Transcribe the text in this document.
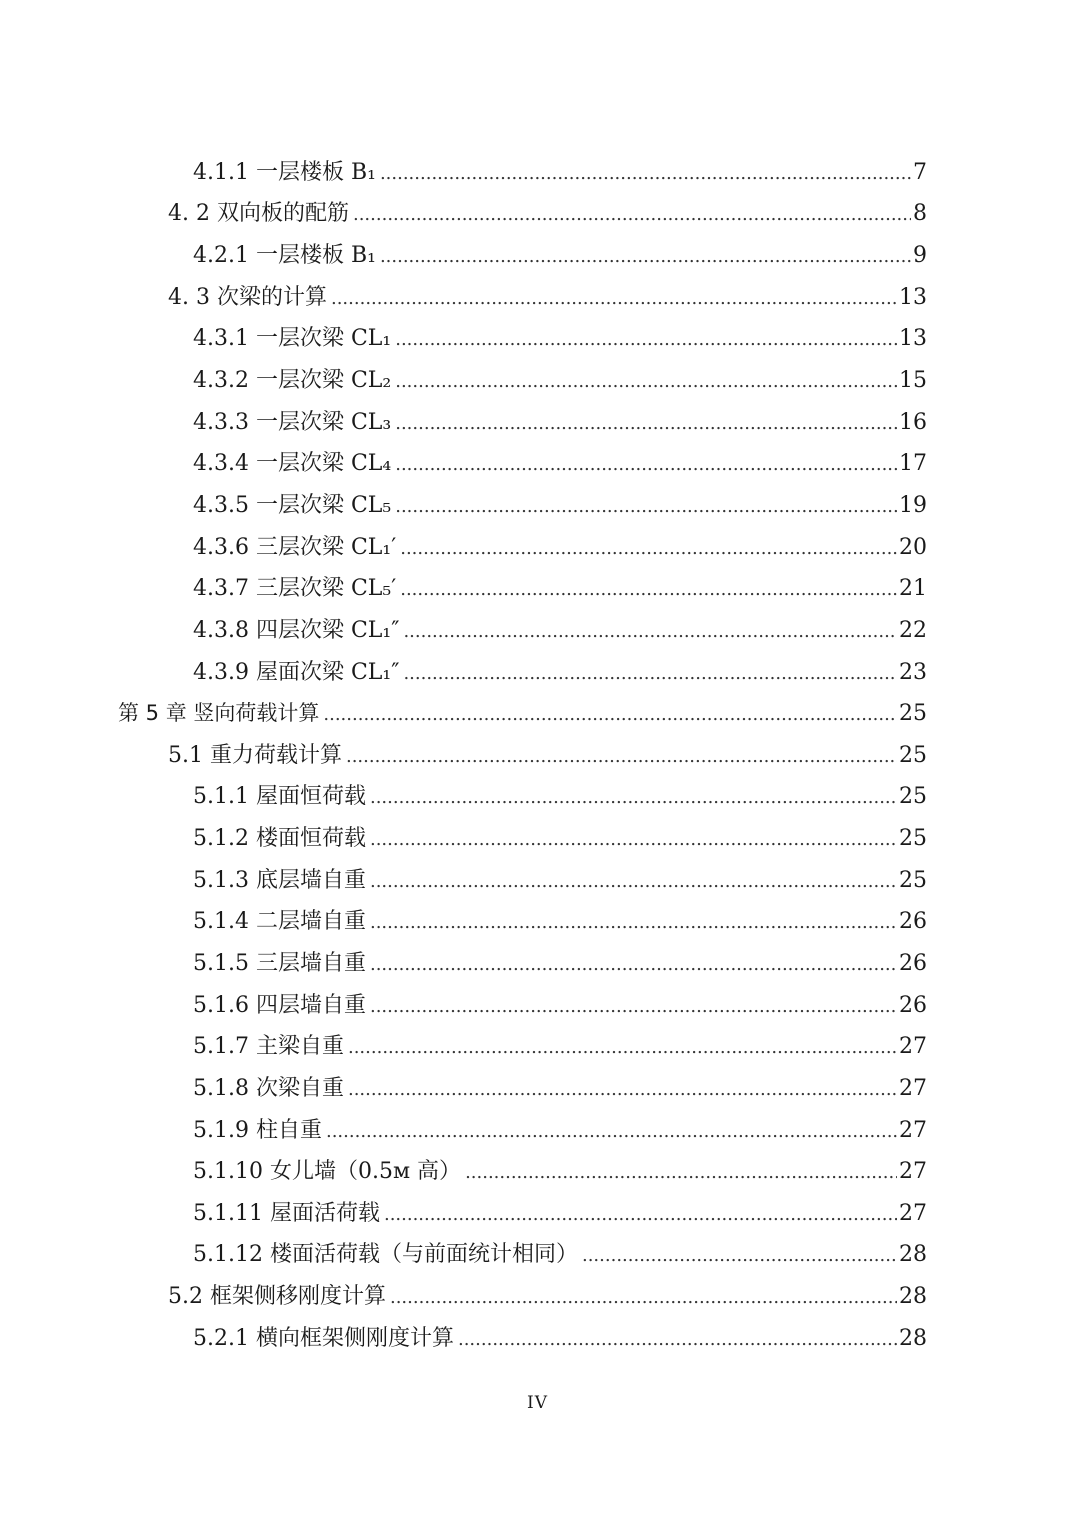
4.1.1 一层楼板 B₁ .....	7
4. 2 双向板的配筋 .....	8
4.2.1 一层楼板 B₁ .....	9
4. 3 次梁的计算 .....	13
4.3.1 一层次梁 CL₁ .....	13
4.3.2 一层次梁 CL₂ .....	15
4.3.3 一层次梁 CL₃ .....	16
4.3.4 一层次梁 CL₄ .....	17
4.3.5 一层次梁 CL₅ .....	19
4.3.6 三层次梁 CL₁′ .....	20
4.3.7 三层次梁 CL₅′ .....	21
4.3.8 四层次梁 CL₁″ .....	22
4.3.9 屋面次梁 CL₁″ .....	23
第 5 章 竖向荷载计算 .....	25
5.1 重力荷载计算 .....	25
5.1.1 屋面恒荷载 .....	25
5.1.2 楼面恒荷载 .....	25
5.1.3 底层墙自重 .....	25
5.1.4 二层墙自重 .....	26
5.1.5 三层墙自重 .....	26
5.1.6 四层墙自重 .....	26
5.1.7 主梁自重 .....	27
5.1.8 次梁自重 .....	27
5.1.9 柱自重 .....	27
5.1.10 女儿墙（0.5м 高） .....	27
5.1.11 屋面活荷载 .....	27
5.1.12 楼面活荷载（与前面统计相同） .....	28
5.2 框架侧移刚度计算 .....	28
5.2.1 横向框架侧刚度计算 .....	28
IV
